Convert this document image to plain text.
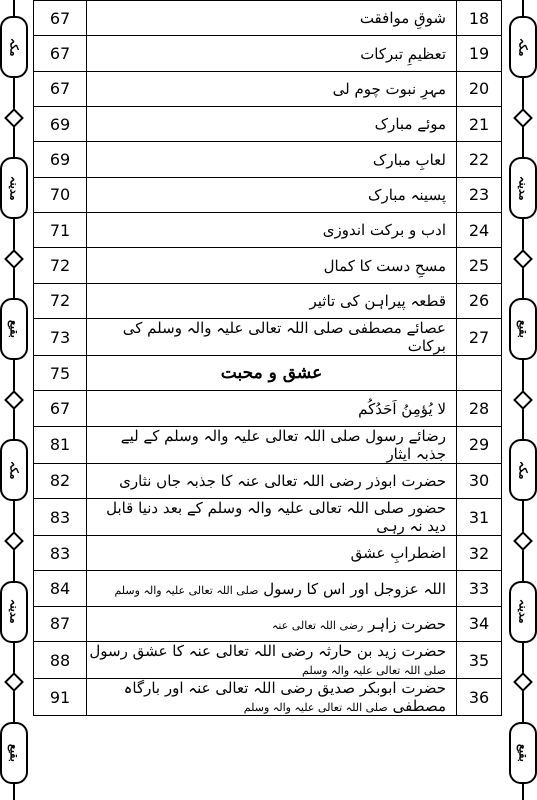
مکہ
مدینہ
بقیع
مکہ
مدینہ
بقیع
مکہ
مدینہ
بقیع
مکہ
مدینہ
بقیع
67	شوقِ موافقت	18
67	تعظیمِ تبرکات	19
67	مہرِ نبوت چوم لی	20
69	موئے مبارک	21
69	لعابِ مبارک	22
70	پسینہ مبارک	23
71	ادب و برکت اندوزی	24
72	مسحِ دست کا کمال	25
72	قطعہ پیراہن کی تاثیر	26
73	عصائے مصطفی صلی اللہ تعالی علیہ والہ وسلم کی برکات	27
75	عشق و محبت	
67	لا یُؤمِنُ اَحَدُکُم	28
81	رضائے رسول صلی اللہ تعالی علیہ والہ وسلم کے لیے جذبہ ایثار	29
82	حضرت ابوذر رضی اللہ تعالی عنہ کا جذبہ جاں نثاری	30
83	حضور صلی اللہ تعالی علیہ والہ وسلم کے بعد دنیا قابل دید نہ رہی	31
83	اضطرابِ عشق	32
84	اللہ عزوجل اور اس کا رسول صلی اللہ تعالی علیہ والہ وسلم	33
87	حضرت زاہر رضی اللہ تعالی عنہ	34
88	حضرت زید بن حارثہ رضی اللہ تعالی عنہ کا عشق رسول صلی اللہ تعالی علیہ والہ وسلم	35
91	حضرت ابوبکر صدیق رضی اللہ تعالی عنہ اور بارگاہ مصطفی صلی اللہ تعالی علیہ والہ وسلم	36
